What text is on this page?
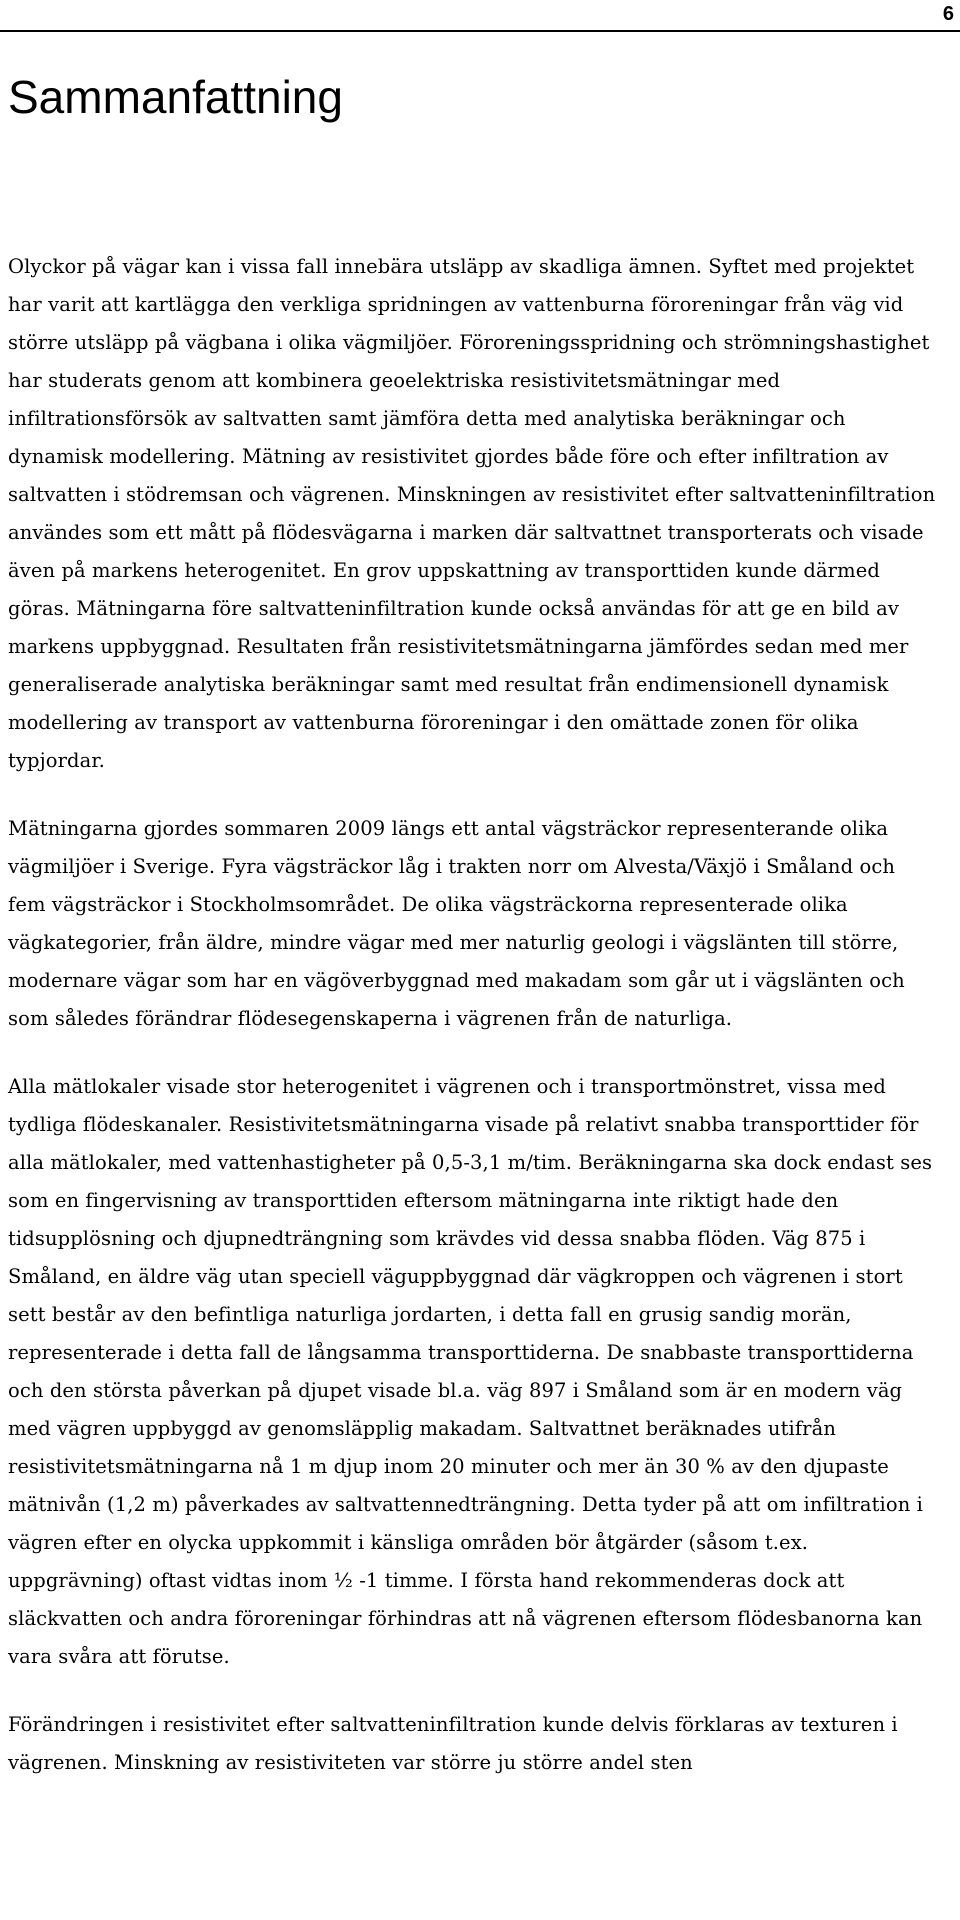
6
Sammanfattning

Olyckor på vägar kan i vissa fall innebära utsläpp av skadliga ämnen. Syftet med projektet har varit att kartlägga den verkliga spridningen av vattenburna föroreningar från väg vid större utsläpp på vägbana i olika vägmiljöer. Föroreningsspridning och strömningshastighet har studerats genom att kombinera geoelektriska resistivitetsmätningar med infiltrationsförsök av saltvatten samt jämföra detta med analytiska beräkningar och dynamisk modellering. Mätning av resistivitet gjordes både före och efter infiltration av saltvatten i stödremsan och vägrenen. Minskningen av resistivitet efter saltvatteninfiltration användes som ett mått på flödesvägarna i marken där saltvattnet transporterats och visade även på markens heterogenitet. En grov uppskattning av transporttiden kunde därmed göras. Mätningarna före saltvatteninfiltration kunde också användas för att ge en bild av markens uppbyggnad. Resultaten från resistivitetsmätningarna jämfördes sedan med mer generaliserade analytiska beräkningar samt med resultat från endimensionell dynamisk modellering av transport av vattenburna föroreningar i den omättade zonen för olika typjordar.

Mätningarna gjordes sommaren 2009 längs ett antal vägsträckor representerande olika vägmiljöer i Sverige. Fyra vägsträckor låg i trakten norr om Alvesta/Växjö i Småland och fem vägsträckor i Stockholmsområdet. De olika vägsträckorna representerade olika vägkategorier, från äldre, mindre vägar med mer naturlig geologi i vägslänten till större, modernare vägar som har en vägöverbyggnad med makadam som går ut i vägslänten och som således förändrar flödesegenskaperna i vägrenen från de naturliga.

Alla mätlokaler visade stor heterogenitet i vägrenen och i transportmönstret, vissa med tydliga flödeskanaler. Resistivitetsmätningarna visade på relativt snabba transporttider för alla mätlokaler, med vattenhastigheter på 0,5-3,1 m/tim. Beräkningarna ska dock endast ses som en fingervisning av transporttiden eftersom mätningarna inte riktigt hade den tidsupplösning och djupnedträngning som krävdes vid dessa snabba flöden. Väg 875 i Småland, en äldre väg utan speciell väguppbyggnad där vägkroppen och vägrenen i stort sett består av den befintliga naturliga jordarten, i detta fall en grusig sandig morän, representerade i detta fall de långsamma transporttiderna. De snabbaste transporttiderna och den största påverkan på djupet visade bl.a. väg 897 i Småland som är en modern väg med vägren uppbyggd av genomsläpplig makadam. Saltvattnet beräknades utifrån resistivitetsmätningarna nå 1 m djup inom 20 minuter och mer än 30 % av den djupaste mätnivån (1,2 m) påverkades av saltvattennedträngning. Detta tyder på att om infiltration i vägren efter en olycka uppkommit i känsliga områden bör åtgärder (såsom t.ex. uppgrävning) oftast vidtas inom ½ -1 timme. I första hand rekommenderas dock att släckvatten och andra föroreningar förhindras att nå vägrenen eftersom flödesbanorna kan vara svåra att förutse.

Förändringen i resistivitet efter saltvatteninfiltration kunde delvis förklaras av texturen i vägrenen. Minskning av resistiviteten var större ju större andel sten
